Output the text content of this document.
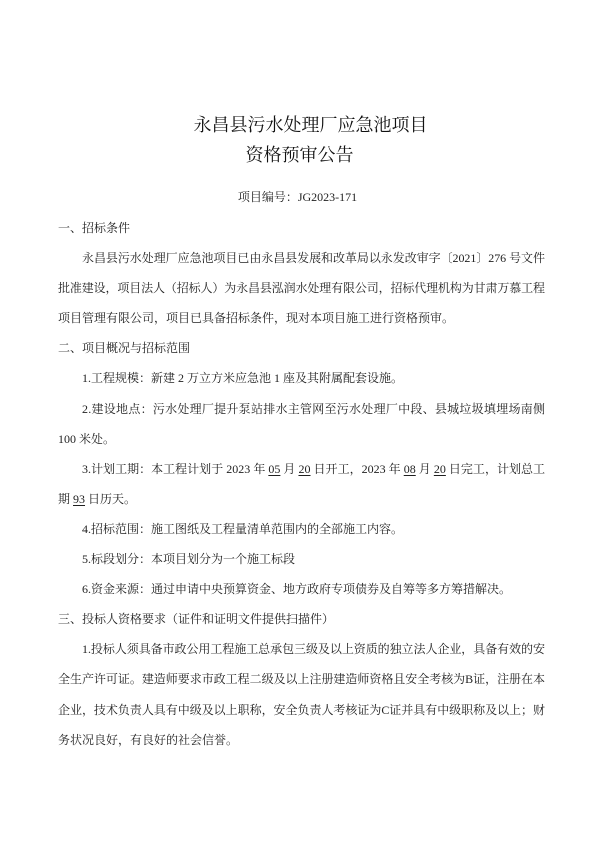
永昌县污水处理厂应急池项目
资格预审公告
项目编号：JG2023-171
一、招标条件
永昌县污水处理厂应急池项目已由永昌县发展和改革局以永发改审字〔2021〕276 号文件
批准建设，项目法人（招标人）为永昌县泓润水处理有限公司，招标代理机构为甘肃万慕工程
项目管理有限公司，项目已具备招标条件，现对本项目施工进行资格预审。
二、项目概况与招标范围
1.工程规模：新建 2 万立方米应急池 1 座及其附属配套设施。
2.建设地点：污水处理厂提升泵站排水主管网至污水处理厂中段、县城垃圾填埋场南侧
100 米处。
3.计划工期：本工程计划于 2023 年 05 月 20 日开工，2023 年 08 月 20 日完工，计划总工
期 93 日历天。
4.招标范围：施工图纸及工程量清单范围内的全部施工内容。
5.标段划分：本项目划分为一个施工标段
6.资金来源：通过申请中央预算资金、地方政府专项债券及自筹等多方筹措解决。
三、投标人资格要求（证件和证明文件提供扫描件）
1.投标人须具备市政公用工程施工总承包三级及以上资质的独立法人企业，具备有效的安
全生产许可证。建造师要求市政工程二级及以上注册建造师资格且安全考核为B证，注册在本
企业，技术负责人具有中级及以上职称，安全负责人考核证为C证并具有中级职称及以上；财
务状况良好，有良好的社会信誉。
